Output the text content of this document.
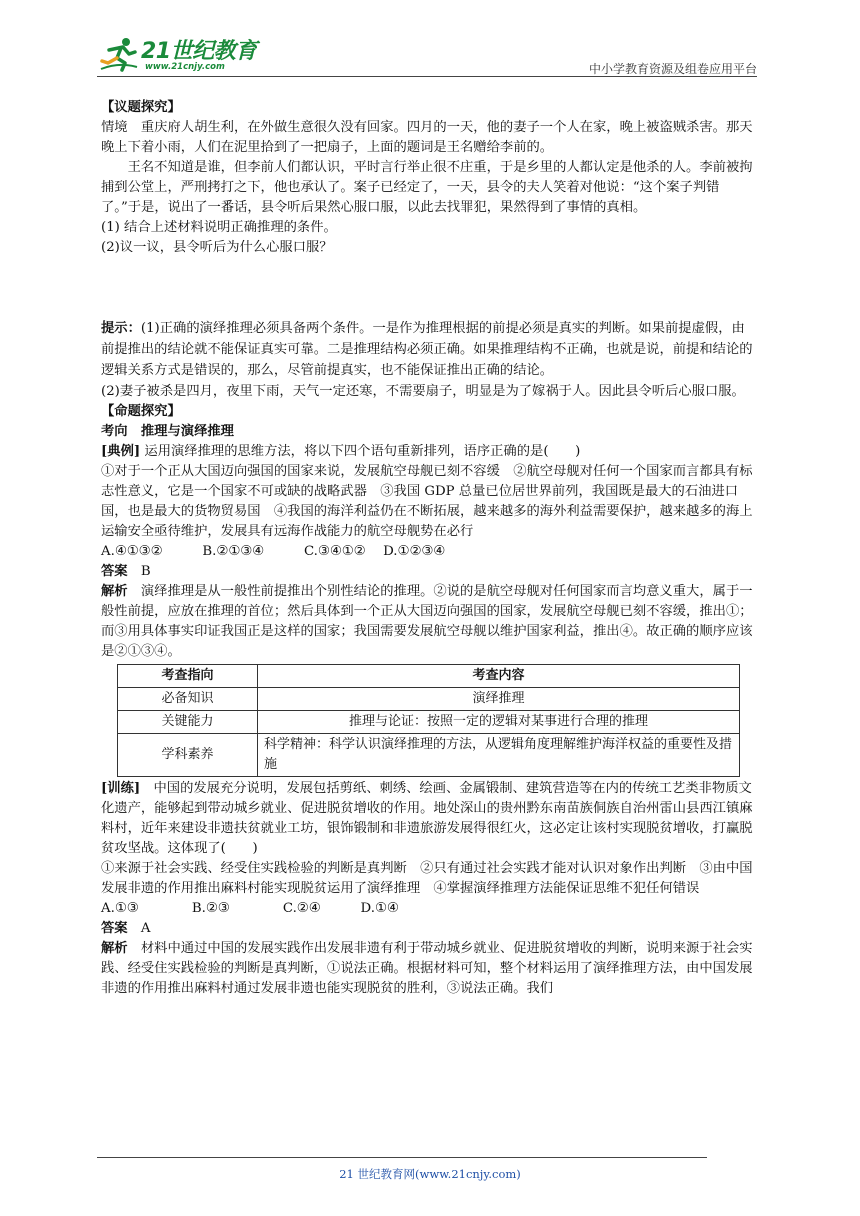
21世纪教育
www.21cnjy.com	中小学教育资源及组卷应用平台

【议题探究】

情境　重庆府人胡生利，在外做生意很久没有回家。四月的一天，他的妻子一个人在家，晚上被盗贼杀害。那天晚上下着小雨，人们在泥里拾到了一把扇子，上面的题词是王名赠给李前的。

王名不知道是谁，但李前人们都认识，平时言行举止很不庄重，于是乡里的人都认定是他杀的人。李前被拘捕到公堂上，严刑拷打之下，他也承认了。案子已经定了，一天，县令的夫人笑着对他说：“这个案子判错了。”于是，说出了一番话，县令听后果然心服口服，以此去找罪犯，果然得到了事情的真相。

(1) 结合上述材料说明正确推理的条件。

(2)议一议，县令听后为什么心服口服？

提示：(1)正确的演绎推理必须具备两个条件。一是作为推理根据的前提必须是真实的判断。如果前提虚假，由前提推出的结论就不能保证真实可靠。二是推理结构必须正确。如果推理结构不正确，也就是说，前提和结论的逻辑关系方式是错误的，那么，尽管前提真实，也不能保证推出正确的结论。

(2)妻子被杀是四月，夜里下雨，天气一定还寒，不需要扇子，明显是为了嫁祸于人。因此县令听后心服口服。

【命题探究】

考向　推理与演绎推理

[典例] 运用演绎推理的思维方法，将以下四个语句重新排列，语序正确的是(　　)

①对于一个正从大国迈向强国的国家来说，发展航空母舰已刻不容缓　②航空母舰对任何一个国家而言都具有标志性意义，它是一个国家不可或缺的战略武器　③我国 GDP 总量已位居世界前列，我国既是最大的石油进口国，也是最大的货物贸易国　④我国的海洋利益仍在不断拓展，越来越多的海外利益需要保护，越来越多的海上运输安全亟待维护，发展具有远海作战能力的航空母舰势在必行

A.④①③②　　　B.②①③④　　　C.③④①②　 D.①②③④

答案　 B

解析　 演绎推理是从一般性前提推出个别性结论的推理。②说的是航空母舰对任何国家而言均意义重大，属于一般性前提，应放在推理的首位；然后具体到一个正从大国迈向强国的国家，发展航空母舰已刻不容缓，推出①；而③用具体事实印证我国正是这样的国家；我国需要发展航空母舰以维护国家利益，推出④。故正确的顺序应该是②①③④。

考查指向	考查内容
必备知识	演绎推理
关键能力	推理与论证：按照一定的逻辑对某事进行合理的推理
学科素养	科学精神：科学认识演绎推理的方法，从逻辑角度理解维护海洋权益的重要性及措施

[训练]　 中国的发展充分说明，发展包括剪纸、刺绣、绘画、金属锻制、建筑营造等在内的传统工艺类非物质文化遗产，能够起到带动城乡就业、促进脱贫增收的作用。地处深山的贵州黔东南苗族侗族自治州雷山县西江镇麻料村，近年来建设非遗扶贫就业工坊，银饰锻制和非遗旅游发展得很红火，这必定让该村实现脱贫增收，打赢脱贫攻坚战。这体现了(　　)

①来源于社会实践、经受住实践检验的判断是真判断　②只有通过社会实践才能对认识对象作出判断　③由中国发展非遗的作用推出麻料村能实现脱贫运用了演绎推理　④掌握演绎推理方法能保证思维不犯任何错误

A.①③　　　　B.②③　　　　C.②④　　　D.①④

答案　 A

解析　 材料中通过中国的发展实践作出发展非遗有利于带动城乡就业、促进脱贫增收的判断，说明来源于社会实践、经受住实践检验的判断是真判断，①说法正确。根据材料可知，整个材料运用了演绎推理方法，由中国发展非遗的作用推出麻料村通过发展非遗也能实现脱贫的胜利，③说法正确。我们

21 世纪教育网(www.21cnjy.com)
